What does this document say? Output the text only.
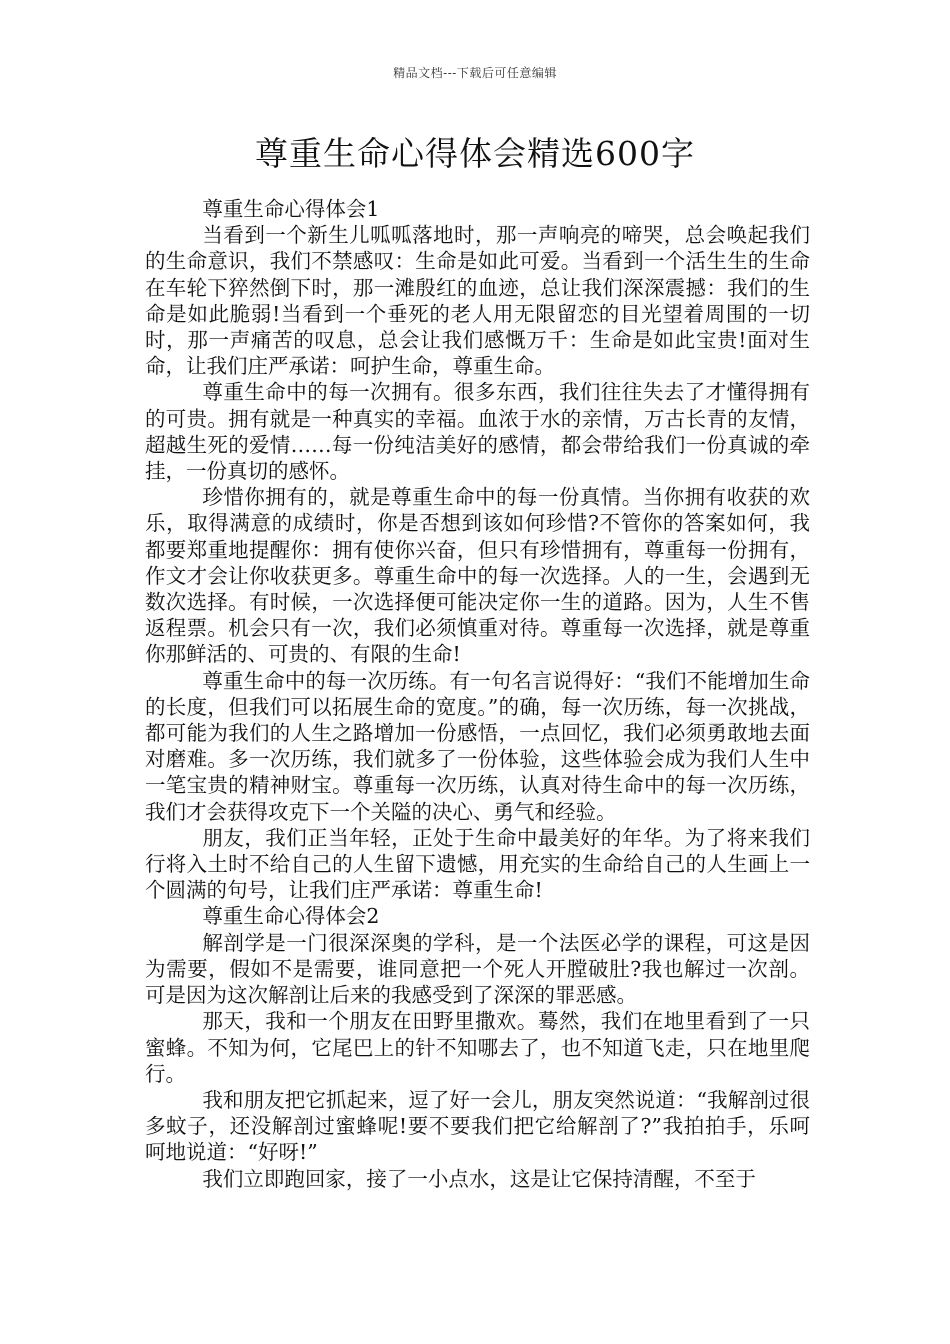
精品文档---下载后可任意编辑
尊重生命心得体会精选600字

尊重生命心得体会1

当看到一个新生儿呱呱落地时，那一声响亮的啼哭，总会唤起我们的生命意识，我们不禁感叹：生命是如此可爱。当看到一个活生生的生命在车轮下猝然倒下时，那一滩殷红的血迹，总让我们深深震撼：我们的生命是如此脆弱!当看到一个垂死的老人用无限留恋的目光望着周围的一切时，那一声痛苦的叹息，总会让我们感慨万千：生命是如此宝贵!面对生命，让我们庄严承诺：呵护生命，尊重生命。

尊重生命中的每一次拥有。很多东西，我们往往失去了才懂得拥有的可贵。拥有就是一种真实的幸福。血浓于水的亲情，万古长青的友情，超越生死的爱情……每一份纯洁美好的感情，都会带给我们一份真诚的牵挂，一份真切的感怀。

珍惜你拥有的，就是尊重生命中的每一份真情。当你拥有收获的欢乐，取得满意的成绩时，你是否想到该如何珍惜?不管你的答案如何，我都要郑重地提醒你：拥有使你兴奋，但只有珍惜拥有，尊重每一份拥有，作文才会让你收获更多。尊重生命中的每一次选择。人的一生，会遇到无数次选择。有时候，一次选择便可能决定你一生的道路。因为，人生不售返程票。机会只有一次，我们必须慎重对待。尊重每一次选择，就是尊重你那鲜活的、可贵的、有限的生命!

尊重生命中的每一次历练。有一句名言说得好：“我们不能增加生命的长度，但我们可以拓展生命的宽度。”的确，每一次历练，每一次挑战，都可能为我们的人生之路增加一份感悟，一点回忆，我们必须勇敢地去面对磨难。多一次历练，我们就多了一份体验，这些体验会成为我们人生中一笔宝贵的精神财宝。尊重每一次历练，认真对待生命中的每一次历练，我们才会获得攻克下一个关隘的决心、勇气和经验。

朋友，我们正当年轻，正处于生命中最美好的年华。为了将来我们行将入土时不给自己的人生留下遗憾，用充实的生命给自己的人生画上一个圆满的句号，让我们庄严承诺：尊重生命!

尊重生命心得体会2

解剖学是一门很深深奥的学科，是一个法医必学的课程，可这是因为需要，假如不是需要，谁同意把一个死人开膛破肚?我也解过一次剖。可是因为这次解剖让后来的我感受到了深深的罪恶感。

那天，我和一个朋友在田野里撒欢。蓦然，我们在地里看到了一只蜜蜂。不知为何，它尾巴上的针不知哪去了，也不知道飞走，只在地里爬行。

我和朋友把它抓起来，逗了好一会儿，朋友突然说道：“我解剖过很多蚊子，还没解剖过蜜蜂呢!要不要我们把它给解剖了?”我拍拍手，乐呵呵地说道：“好呀!”

我们立即跑回家，接了一小点水，这是让它保持清醒，不至于
